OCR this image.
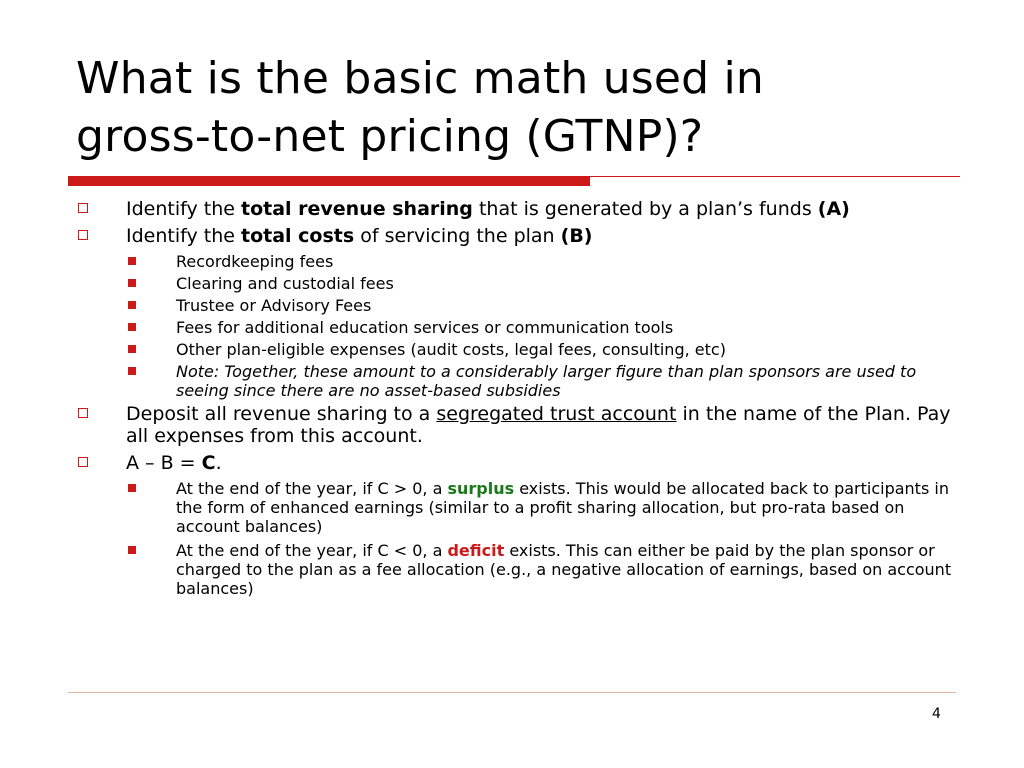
What is the basic math used in
gross-to-net pricing (GTNP)?
Identify the total revenue sharing that is generated by a plan’s funds (A)
Identify the total costs of servicing the plan (B)
Recordkeeping fees
Clearing and custodial fees
Trustee or Advisory Fees
Fees for additional education services or communication tools
Other plan-eligible expenses (audit costs, legal fees, consulting, etc)
Note: Together, these amount to a considerably larger figure than plan sponsors are used to seeing since there are no asset-based subsidies
Deposit all revenue sharing to a segregated trust account in the name of the Plan. Pay all expenses from this account.
A – B = C.
At the end of the year, if C > 0, a surplus exists. This would be allocated back to participants in the form of enhanced earnings (similar to a profit sharing allocation, but pro-rata based on account balances)
At the end of the year, if C < 0, a deficit exists. This can either be paid by the plan sponsor or charged to the plan as a fee allocation (e.g., a negative allocation of earnings, based on account balances)
4
